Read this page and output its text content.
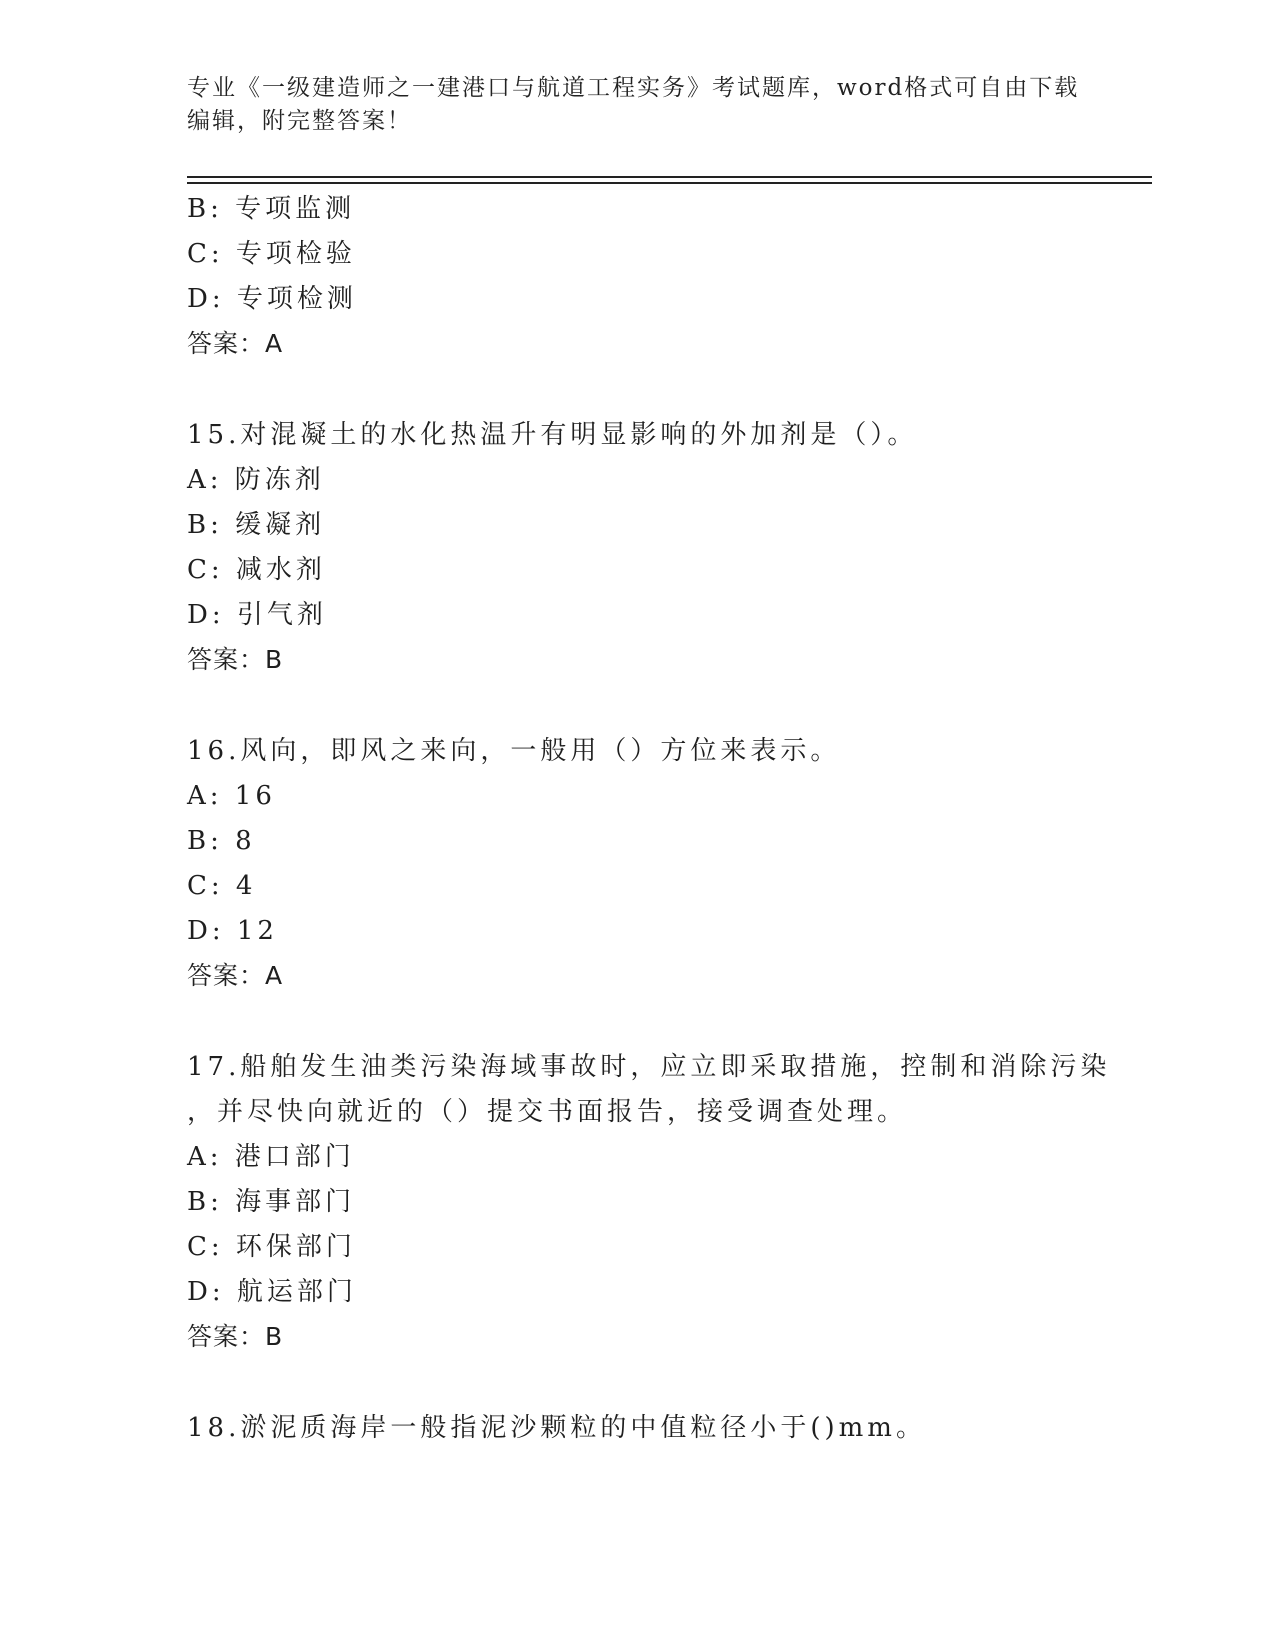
专业《一级建造师之一建港口与航道工程实务》考试题库，word格式可自由下载
编辑，附完整答案！
B: 专项监测
C: 专项检验
D: 专项检测
答案：A
15.对混凝土的水化热温升有明显影响的外加剂是（）。
A: 防冻剂
B: 缓凝剂
C: 减水剂
D: 引气剂
答案：B
16.风向，即风之来向，一般用（）方位来表示。
A: 16
B: 8
C: 4
D: 12
答案：A
17.船舶发生油类污染海域事故时，应立即采取措施，控制和消除污染
，并尽快向就近的（）提交书面报告，接受调查处理。
A: 港口部门
B: 海事部门
C: 环保部门
D: 航运部门
答案：B
18.淤泥质海岸一般指泥沙颗粒的中值粒径小于()mm。
